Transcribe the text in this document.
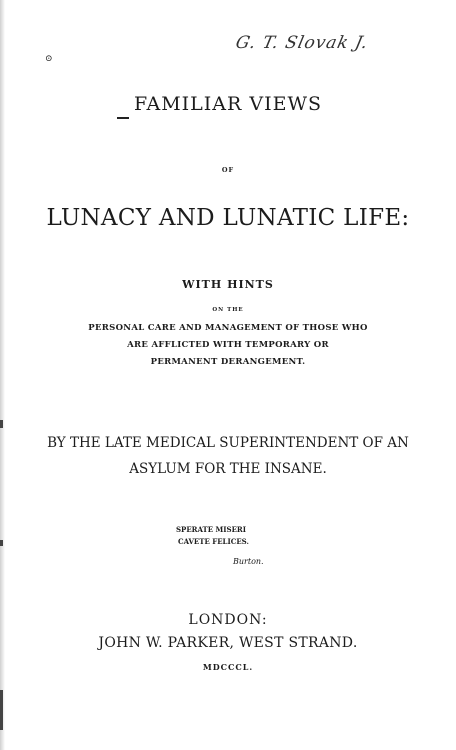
G. T. Slovak J.
⊙
FAMILIAR VIEWS
OF
LUNACY AND LUNATIC LIFE:
WITH HINTS
ON THE
PERSONAL CARE AND MANAGEMENT OF THOSE WHO
ARE AFFLICTED WITH TEMPORARY OR
PERMANENT DERANGEMENT.
BY THE LATE MEDICAL SUPERINTENDENT OF AN
ASYLUM FOR THE INSANE.
SPERATE MISERI
CAVETE FELICES.
Burton.
LONDON:
JOHN W. PARKER, WEST STRAND.
MDCCCL.
